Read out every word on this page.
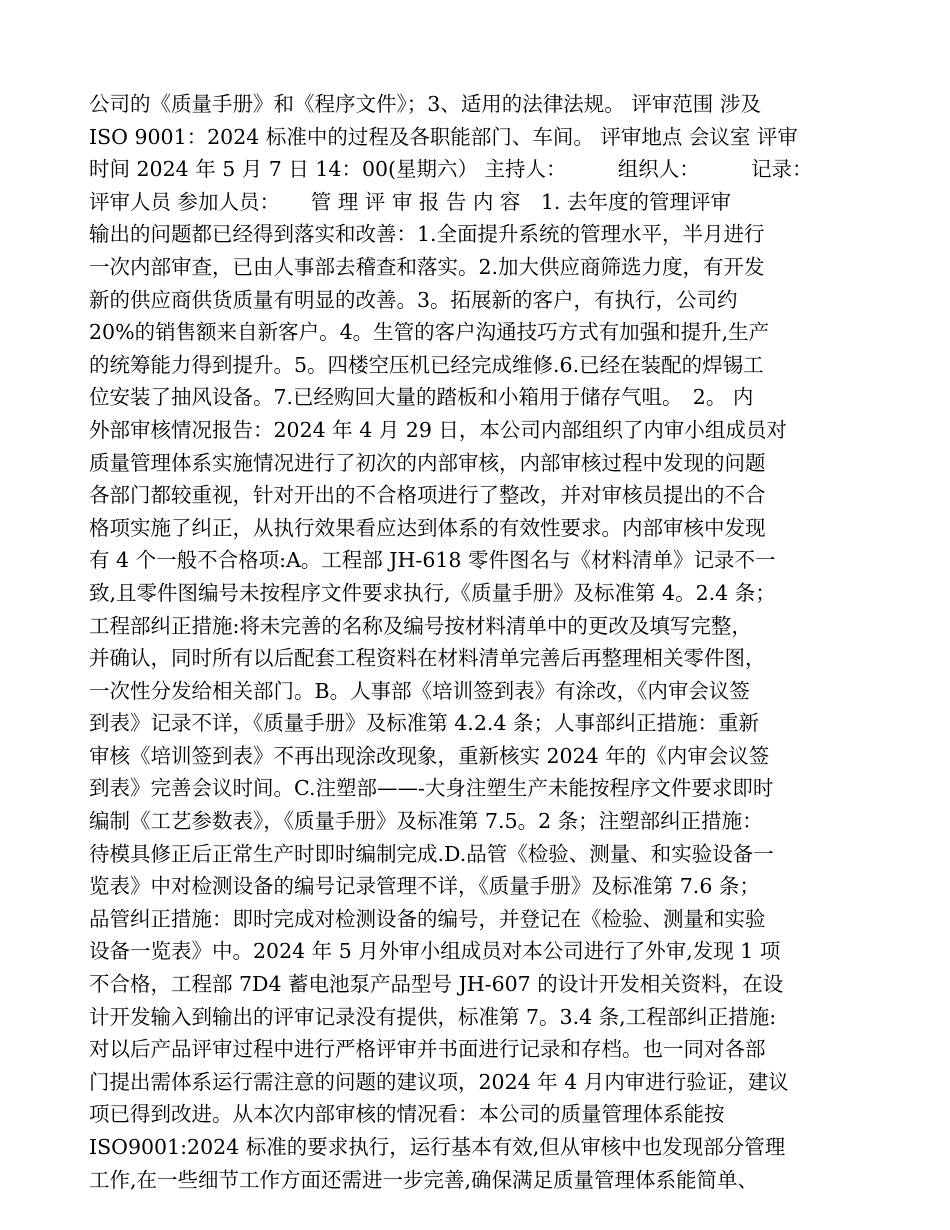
公司的《质量手册》和《程序文件》；3、适用的法律法规。 评审范围 涉及
ISO 9001：2024 标准中的过程及各职能部门、车间。 评审地点 会议室 评审
时间 2024 年 5 月 7 日 14：00(星期六） 主持人：　　　组织人：　　　记录：
评审人员 参加人员：　　管 理 评 审 报 告 内 容　1. 去年度的管理评审
输出的问题都已经得到落实和改善：1.全面提升系统的管理水平，半月进行
一次内部审查，已由人事部去稽查和落实。2.加大供应商筛选力度，有开发
新的供应商供货质量有明显的改善。3。拓展新的客户，有执行，公司约
20%的销售额来自新客户。4。生管的客户沟通技巧方式有加强和提升,生产
的统筹能力得到提升。5。四楼空压机已经完成维修.6.已经在装配的焊锡工
位安装了抽风设备。7.已经购回大量的踏板和小箱用于储存气咀。　2。 内
外部审核情况报告：2024 年 4 月 29 日，本公司内部组织了内审小组成员对
质量管理体系实施情况进行了初次的内部审核，内部审核过程中发现的问题
各部门都较重视，针对开出的不合格项进行了整改，并对审核员提出的不合
格项实施了纠正，从执行效果看应达到体系的有效性要求。内部审核中发现
有 4 个一般不合格项:A。工程部 JH-618 零件图名与《材料清单》记录不一
致,且零件图编号未按程序文件要求执行,《质量手册》及标准第 4。2.4 条；
工程部纠正措施:将未完善的名称及编号按材料清单中的更改及填写完整，
并确认，同时所有以后配套工程资料在材料清单完善后再整理相关零件图，
一次性分发给相关部门。B。人事部《培训签到表》有涂改，《内审会议签
到表》记录不详，《质量手册》及标准第 4.2.4 条；人事部纠正措施：重新
审核《培训签到表》不再出现涂改现象，重新核实 2024 年的《内审会议签
到表》完善会议时间。C.注塑部——-大身注塑生产未能按程序文件要求即时
编制《工艺参数表》，《质量手册》及标准第 7.5。2 条；注塑部纠正措施：
待模具修正后正常生产时即时编制完成.D.品管《检验、测量、和实验设备一
览表》中对检测设备的编号记录管理不详，《质量手册》及标准第 7.6 条；
品管纠正措施：即时完成对检测设备的编号，并登记在《检验、测量和实验
设备一览表》中。2024 年 5 月外审小组成员对本公司进行了外审,发现 1 项
不合格，工程部 7D4 蓄电池泵产品型号 JH-607 的设计开发相关资料，在设
计开发输入到输出的评审记录没有提供，标准第 7。3.4 条,工程部纠正措施:
对以后产品评审过程中进行严格评审并书面进行记录和存档。也一同对各部
门提出需体系运行需注意的问题的建议项，2024 年 4 月内审进行验证，建议
项已得到改进。从本次内部审核的情况看：本公司的质量管理体系能按
ISO9001:2024 标准的要求执行，运行基本有效,但从审核中也发现部分管理
工作,在一些细节工作方面还需进一步完善,确保满足质量管理体系能简单、
